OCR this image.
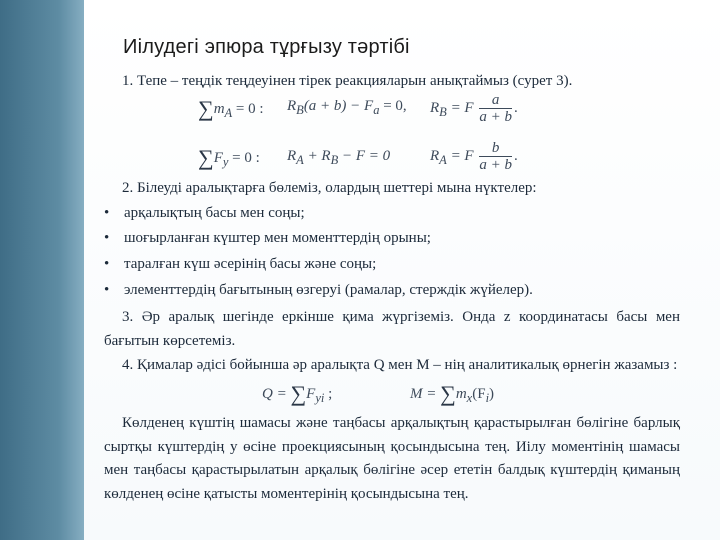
Иілудегі эпюра тұрғызу тәртібі
1. Тепе – теңдік теңдеуінен тірек реакцияларын анықтаймыз (сурет 3).
$\sum m_A = 0$ : $R_B(a + b) - F_a = 0$, $R_B = F \frac{a}{a + b}$ .
$\sum F_y = 0$ : $R_A + R_B - F = 0$	$R_A = F \frac{b}{a + b}$ .
2. Білеуді аралықтарға бөлеміз, олардың шеттері мына нүктелер:
• арқалықтың басы мен соңы;
• шоғырланған күштер мен моменттердің орыны;
• таралған күш әсерінің басы және соңы;
• элементтердің бағытының өзгеруі (рамалар, стерждік жүйелер).
3. Әр аралық шегінде еркінше қима жүргіземіз. Онда z координатасы басы мен бағытын көрсетеміз.
4. Қималар әдісі бойынша әр аралықта Q мен M – нің аналитикалық өрнегін жазамыз :
$Q = \sum F_{yi}$ ;	$M = \sum m_x(F_i)$
Көлденең күштің шамасы және таңбасы арқалықтың қарастырылған бөлігіне барлық сыртқы күштердің у өсіне проекциясының қосындысына тең. Иілу моментінің шамасы мен таңбасы қарастырылатын арқалық бөлігіне әсер ететін балдық күштердің қиманың көлденең өсіне қатысты моментерінің қосындысына тең.
